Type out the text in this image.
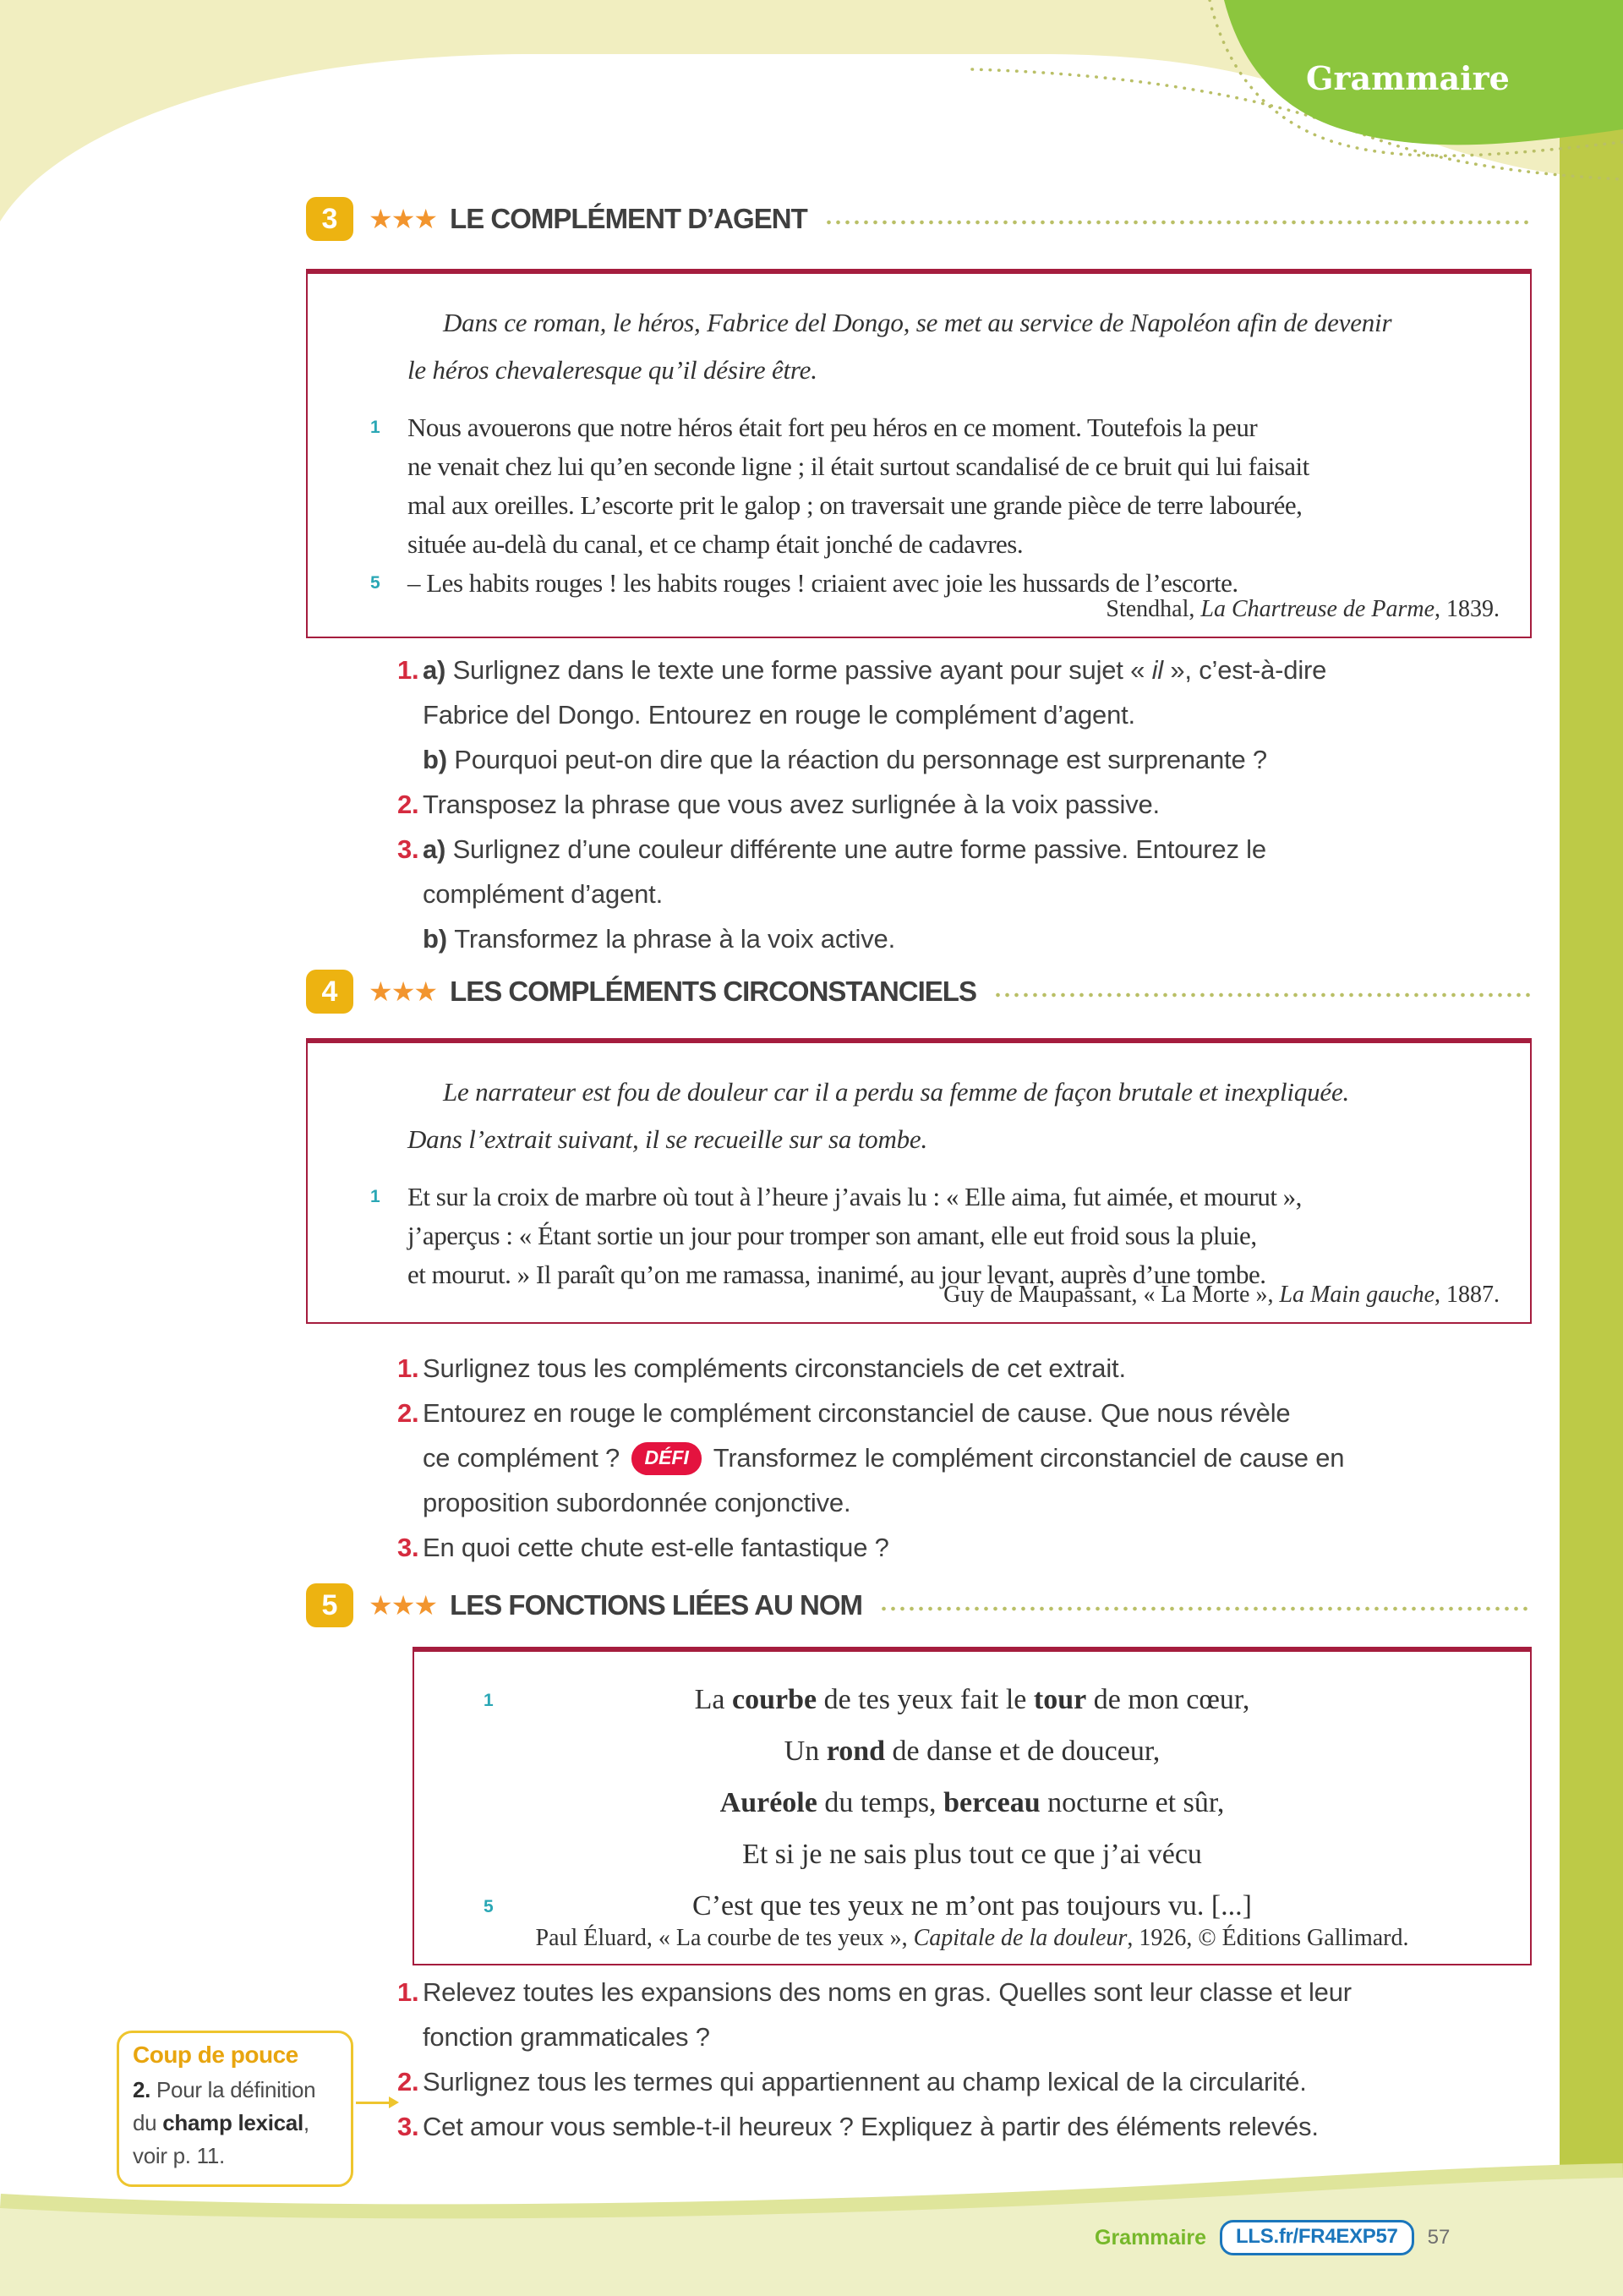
Grammaire
3	★★★ LE COMPLÉMENT D’AGENT

Dans ce roman, le héros, Fabrice del Dongo, se met au service de Napoléon afin de devenir
le héros chevaleresque qu’il désire être.

1 Nous avouerons que notre héros était fort peu héros en ce moment. Toutefois la peur
ne venait chez lui qu’en seconde ligne ; il était surtout scandalisé de ce bruit qui lui faisait
mal aux oreilles. L’escorte prit le galop ; on traversait une grande pièce de terre labourée,
située au-delà du canal, et ce champ était jonché de cadavres.
5 – Les habits rouges ! les habits rouges ! criaient avec joie les hussards de l’escorte.

Stendhal, La Chartreuse de Parme, 1839.

1. a) Surlignez dans le texte une forme passive ayant pour sujet « il », c’est-à-dire
Fabrice del Dongo. Entourez en rouge le complément d’agent.
b) Pourquoi peut-on dire que la réaction du personnage est surprenante ?
2. Transposez la phrase que vous avez surlignée à la voix passive.
3. a) Surlignez d’une couleur différente une autre forme passive. Entourez le
complément d’agent.
b) Transformez la phrase à la voix active.
4	★★★ LES COMPLÉMENTS CIRCONSTANCIELS

Le narrateur est fou de douleur car il a perdu sa femme de façon brutale et inexpliquée.
Dans l’extrait suivant, il se recueille sur sa tombe.

1 Et sur la croix de marbre où tout à l’heure j’avais lu : « Elle aima, fut aimée, et mourut »,
j’aperçus : « Étant sortie un jour pour tromper son amant, elle eut froid sous la pluie,
et mourut. » Il paraît qu’on me ramassa, inanimé, au jour levant, auprès d’une tombe.

Guy de Maupassant, « La Morte », La Main gauche, 1887.

1. Surlignez tous les compléments circonstanciels de cet extrait.
2. Entourez en rouge le complément circonstanciel de cause. Que nous révèle
ce complément ? DÉFI Transformez le complément circonstanciel de cause en
proposition subordonnée conjonctive.
3. En quoi cette chute est-elle fantastique ?
5	★★★ LES FONCTIONS LIÉES AU NOM
1	La courbe de tes yeux fait le tour de mon cœur,
Un rond de danse et de douceur,
Auréole du temps, berceau nocturne et sûr,
Et si je ne sais plus tout ce que j’ai vécu
5	C’est que tes yeux ne m’ont pas toujours vu. [...]

Paul Éluard, « La courbe de tes yeux », Capitale de la douleur, 1926, © Éditions Gallimard.

1. Relevez toutes les expansions des noms en gras. Quelles sont leur classe et leur
fonction grammaticales ?
2. Surlignez tous les termes qui appartiennent au champ lexical de la circularité.
3. Cet amour vous semble-t-il heureux ? Expliquez à partir des éléments relevés.
Coup de pouce
2. Pour la définition
du champ lexical,
voir p. 11.
Grammaire	LLS.fr/FR4EXP57	57
